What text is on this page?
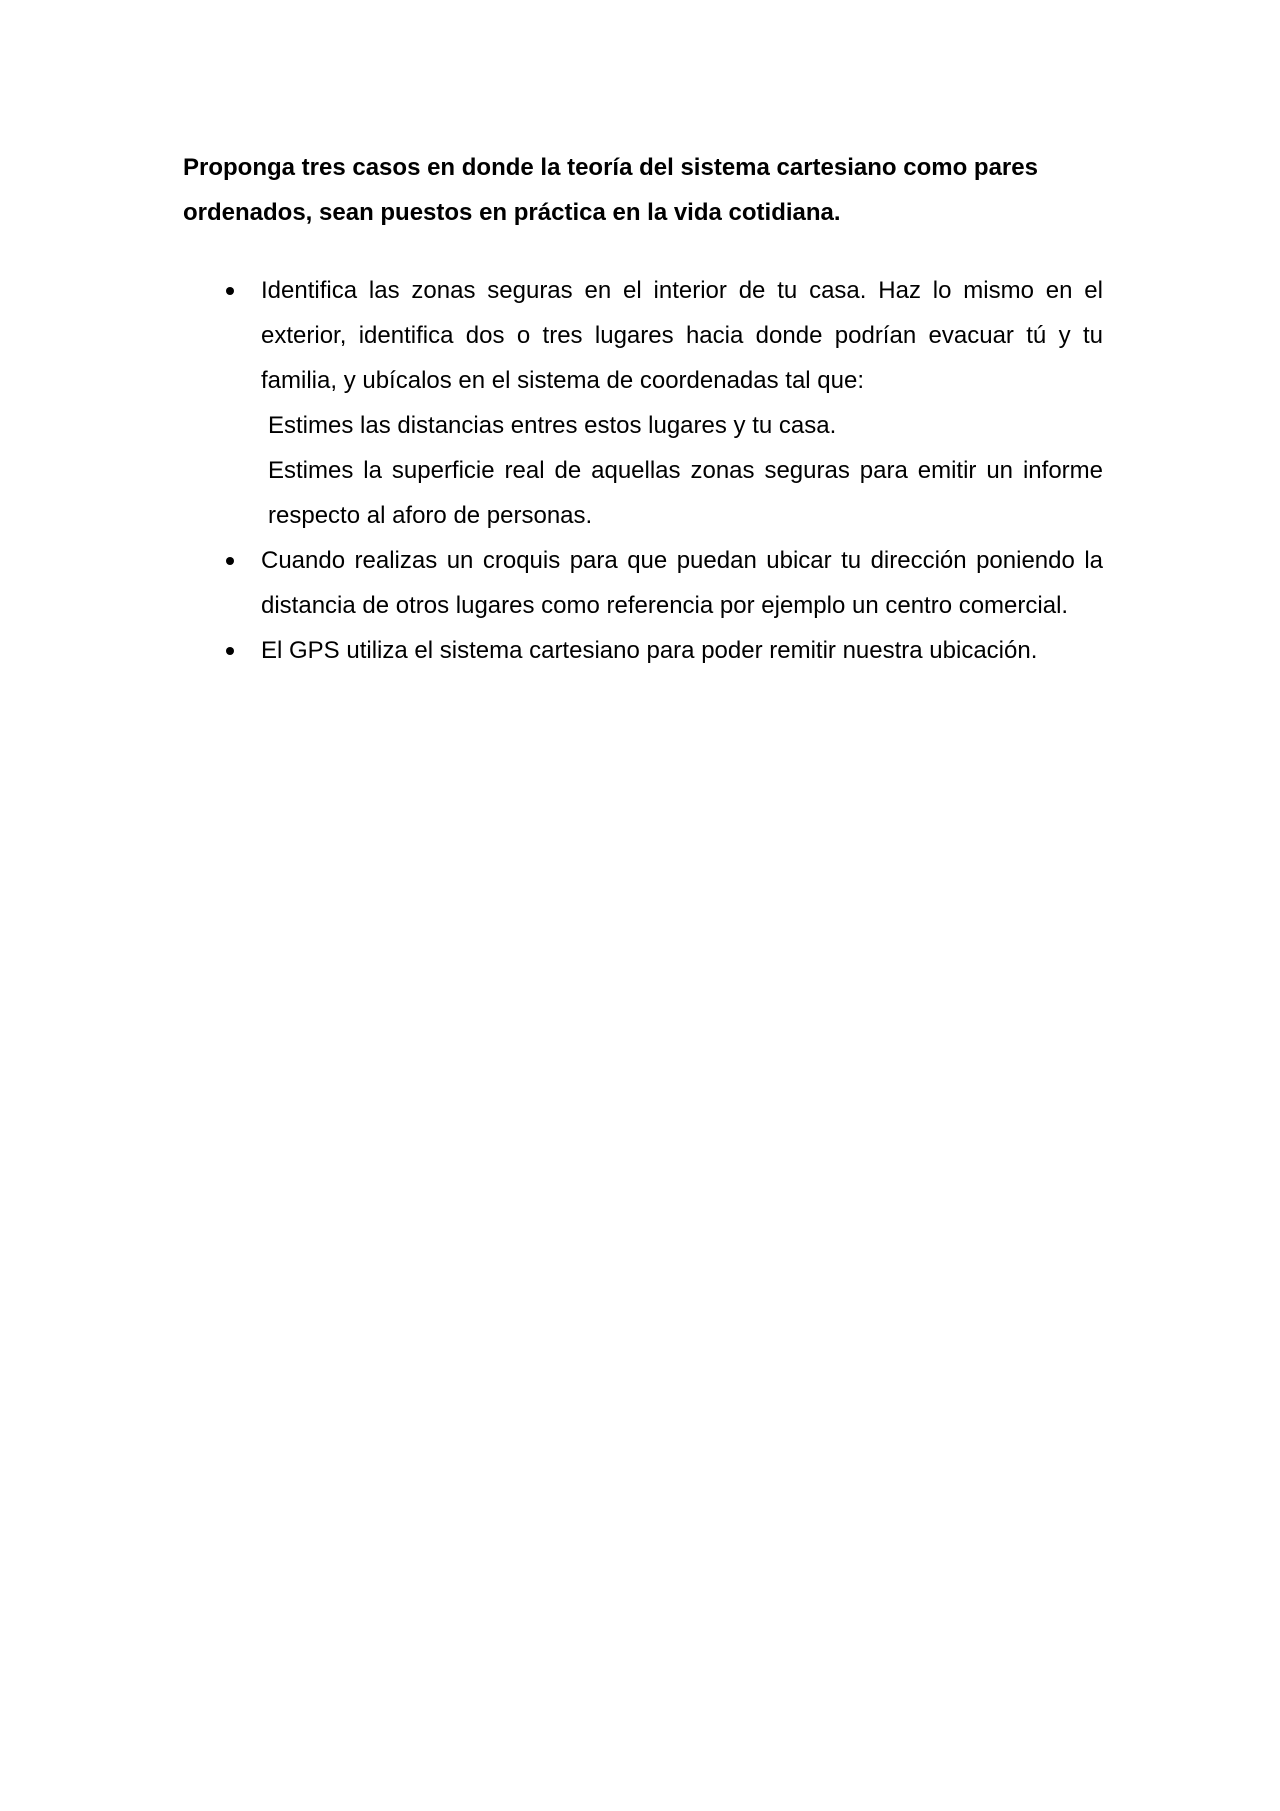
Proponga tres casos en donde la teoría del sistema cartesiano como pares ordenados, sean puestos en práctica en la vida cotidiana.

Identifica las zonas seguras en el interior de tu casa. Haz lo mismo en el exterior, identifica dos o tres lugares hacia donde podrían evacuar tú y tu familia, y ubícalos en el sistema de coordenadas tal que:
Estimes las distancias entres estos lugares y tu casa.
Estimes la superficie real de aquellas zonas seguras para emitir un informe respecto al aforo de personas.
Cuando realizas un croquis para que puedan ubicar tu dirección poniendo la distancia de otros lugares como referencia por ejemplo un centro comercial.
El GPS utiliza el sistema cartesiano para poder remitir nuestra ubicación.
